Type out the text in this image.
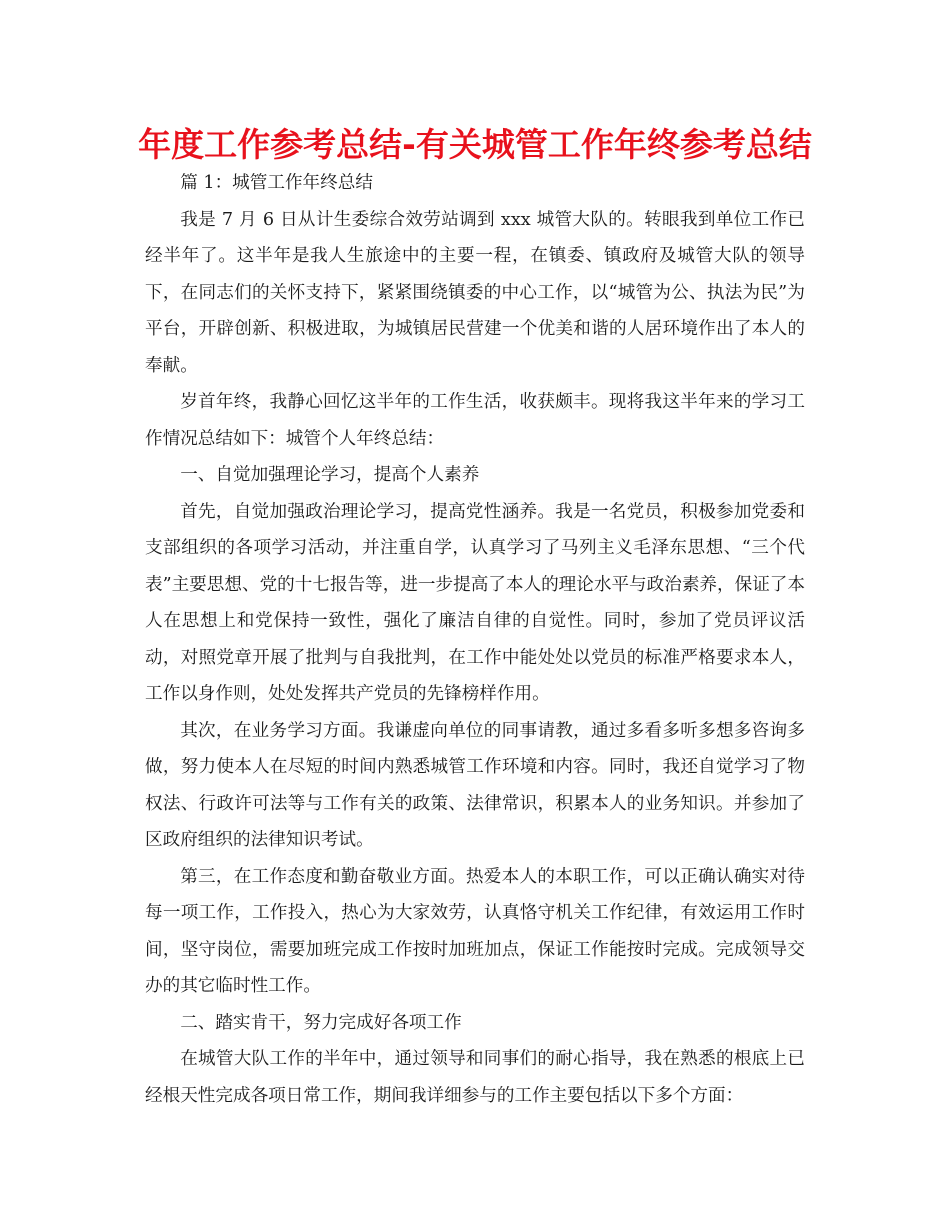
年度工作参考总结-有关城管工作年终参考总结

篇 1：城管工作年终总结

我是 7 月 6 日从计生委综合效劳站调到 xxx 城管大队的。转眼我到单位工作已经半年了。这半年是我人生旅途中的主要一程，在镇委、镇政府及城管大队的领导下，在同志们的关怀支持下，紧紧围绕镇委的中心工作，以“城管为公、执法为民”为平台，开辟创新、积极进取，为城镇居民营建一个优美和谐的人居环境作出了本人的奉献。

岁首年终，我静心回忆这半年的工作生活，收获颇丰。现将我这半年来的学习工作情况总结如下：城管个人年终总结：

一、自觉加强理论学习，提高个人素养

首先，自觉加强政治理论学习，提高党性涵养。我是一名党员，积极参加党委和支部组织的各项学习活动，并注重自学，认真学习了马列主义毛泽东思想、“三个代表”主要思想、党的十七报告等，进一步提高了本人的理论水平与政治素养，保证了本人在思想上和党保持一致性，强化了廉洁自律的自觉性。同时，参加了党员评议活动，对照党章开展了批判与自我批判，在工作中能处处以党员的标准严格要求本人，工作以身作则，处处发挥共产党员的先锋榜样作用。

其次，在业务学习方面。我谦虚向单位的同事请教，通过多看多听多想多咨询多做，努力使本人在尽短的时间内熟悉城管工作环境和内容。同时，我还自觉学习了物权法、行政许可法等与工作有关的政策、法律常识，积累本人的业务知识。并参加了区政府组织的法律知识考试。

第三，在工作态度和勤奋敬业方面。热爱本人的本职工作，可以正确认确实对待每一项工作，工作投入，热心为大家效劳，认真恪守机关工作纪律，有效运用工作时间，坚守岗位，需要加班完成工作按时加班加点，保证工作能按时完成。完成领导交办的其它临时性工作。

二、踏实肯干，努力完成好各项工作

在城管大队工作的半年中，通过领导和同事们的耐心指导，我在熟悉的根底上已经根天性完成各项日常工作，期间我详细参与的工作主要包括以下多个方面：
